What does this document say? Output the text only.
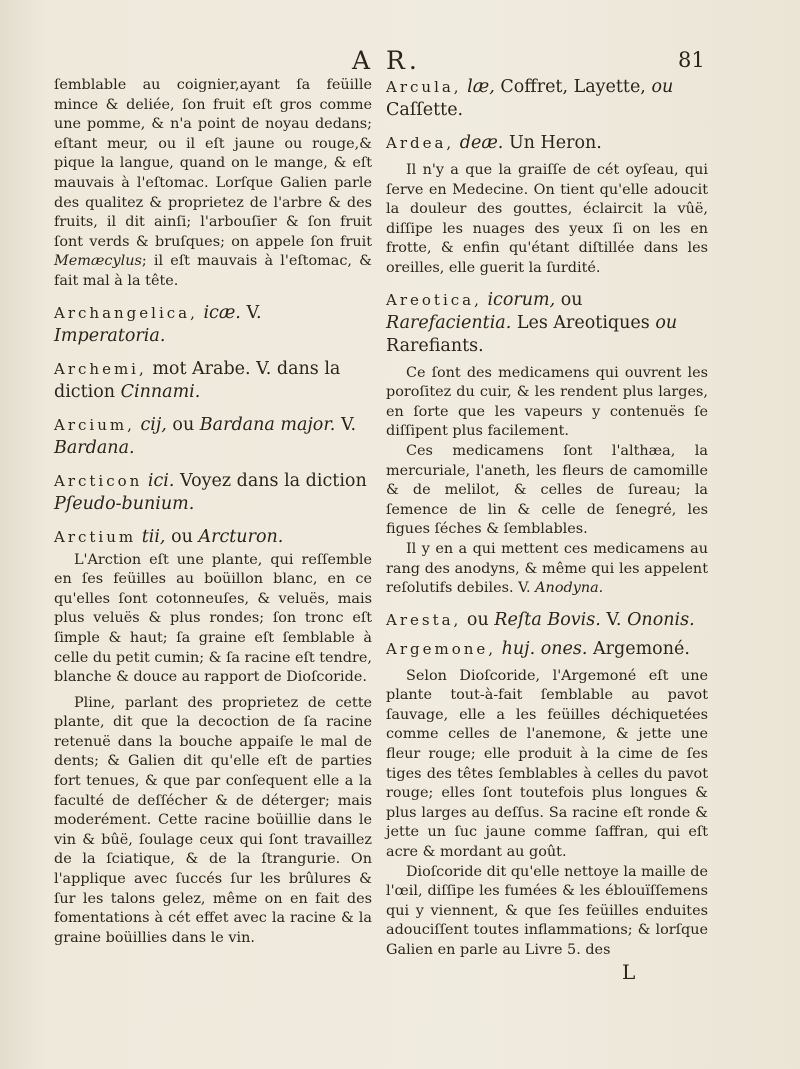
A R.	81

ſemblable au coignier,ayant ſa feüille mince & deliée, ſon fruit eſt gros comme une pomme, & n'a point de noyau dedans; eſtant meur, ou il eſt jaune ou rouge,& pique la langue, quand on le mange, & eſt mauvais à l'eſtomac. Lorſque Galien parle des qualitez & proprietez de l'arbre & des fruits, il dit ainſi; l'arbouſier & ſon fruit ſont verds & bruſques; on appele ſon fruit Memæcylus; il eſt mauvais à l'eſtomac, & fait mal à la tête.

Archangelica, icæ. V. Imperatoria.
Archemi, mot Arabe. V. dans la diction Cinnami.
Arcium, cij, ou Bardana major. V. Bardana.
Arcticon ici. Voyez dans la diction Pſeudo-bunium.
Arctium tii, ou Arcturon.

L'Arction eſt une plante, qui reſſemble en ſes feüilles au boüillon blanc, en ce qu'elles ſont cotonneuſes, & veluës, mais plus veluës & plus rondes; ſon tronc eſt ſimple & haut; ſa graine eſt ſemblable à celle du petit cumin; & ſa racine eſt tendre, blanche & douce au rapport de Dioſcoride.

Pline, parlant des proprietez de cette plante, dit que la decoction de ſa racine retenuë dans la bouche appaiſe le mal de dents; & Galien dit qu'elle eſt de parties fort tenues, & que par conſequent elle a la faculté de deſſécher & de déterger; mais moderément. Cette racine boüillie dans le vin & bûë, ſoulage ceux qui ſont travaillez de la ſciatique, & de la ſtrangurie. On l'applique avec ſuccés ſur les brûlures & ſur les talons gelez, même on en fait des fomentations à cét effet avec la racine & la graine boüillies dans le vin.

Arcula, læ, Coffret, Layette, ou Caſſette.
Ardea, deæ. Un Heron.

Il n'y a que la graiſſe de cét oyſeau, qui ſerve en Medecine. On tient qu'elle adoucit la douleur des gouttes, éclaircit la vûë, diſſipe les nuages des yeux ſi on les en frotte, & enfin qu'étant diſtillée dans les oreilles, elle guerit la ſurdité.

Areotica, icorum, ou Rarefacientia. Les Areotiques ou Rarefiants.

Ce ſont des medicamens qui ouvrent les poroſitez du cuir, & les rendent plus larges, en ſorte que les vapeurs y contenuës ſe diſſipent plus facilement.

Ces medicamens ſont l'althæa, la mercuriale, l'aneth, les fleurs de camomille & de melilot, & celles de ſureau; la ſemence de lin & celle de ſenegré, les figues ſéches & ſemblables.

Il y en a qui mettent ces medicamens au rang des anodyns, & même qui les appelent reſolutifs debiles. V. Anodyna.

Aresta, ou Reſta Bovis. V. Ononis.
Argemone, huj. ones. Argemoné.

Selon Dioſcoride, l'Argemoné eſt une plante tout-à-fait ſemblable au pavot ſauvage, elle a les feüilles déchiquetées comme celles de l'anemone, & jette une fleur rouge; elle produit à la cime de ſes tiges des têtes ſemblables à celles du pavot rouge; elles ſont toutefois plus longues & plus larges au deſſus. Sa racine eſt ronde & jette un ſuc jaune comme ſaffran, qui eſt acre & mordant au goût.

Dioſcoride dit qu'elle nettoye la maille de l'œil, diſſipe les fumées & les éblouïſſemens qui y viennent, & que ſes feüilles enduites adouciſſent toutes inflammations; & lorſque Galien en parle au Livre 5. des

L
